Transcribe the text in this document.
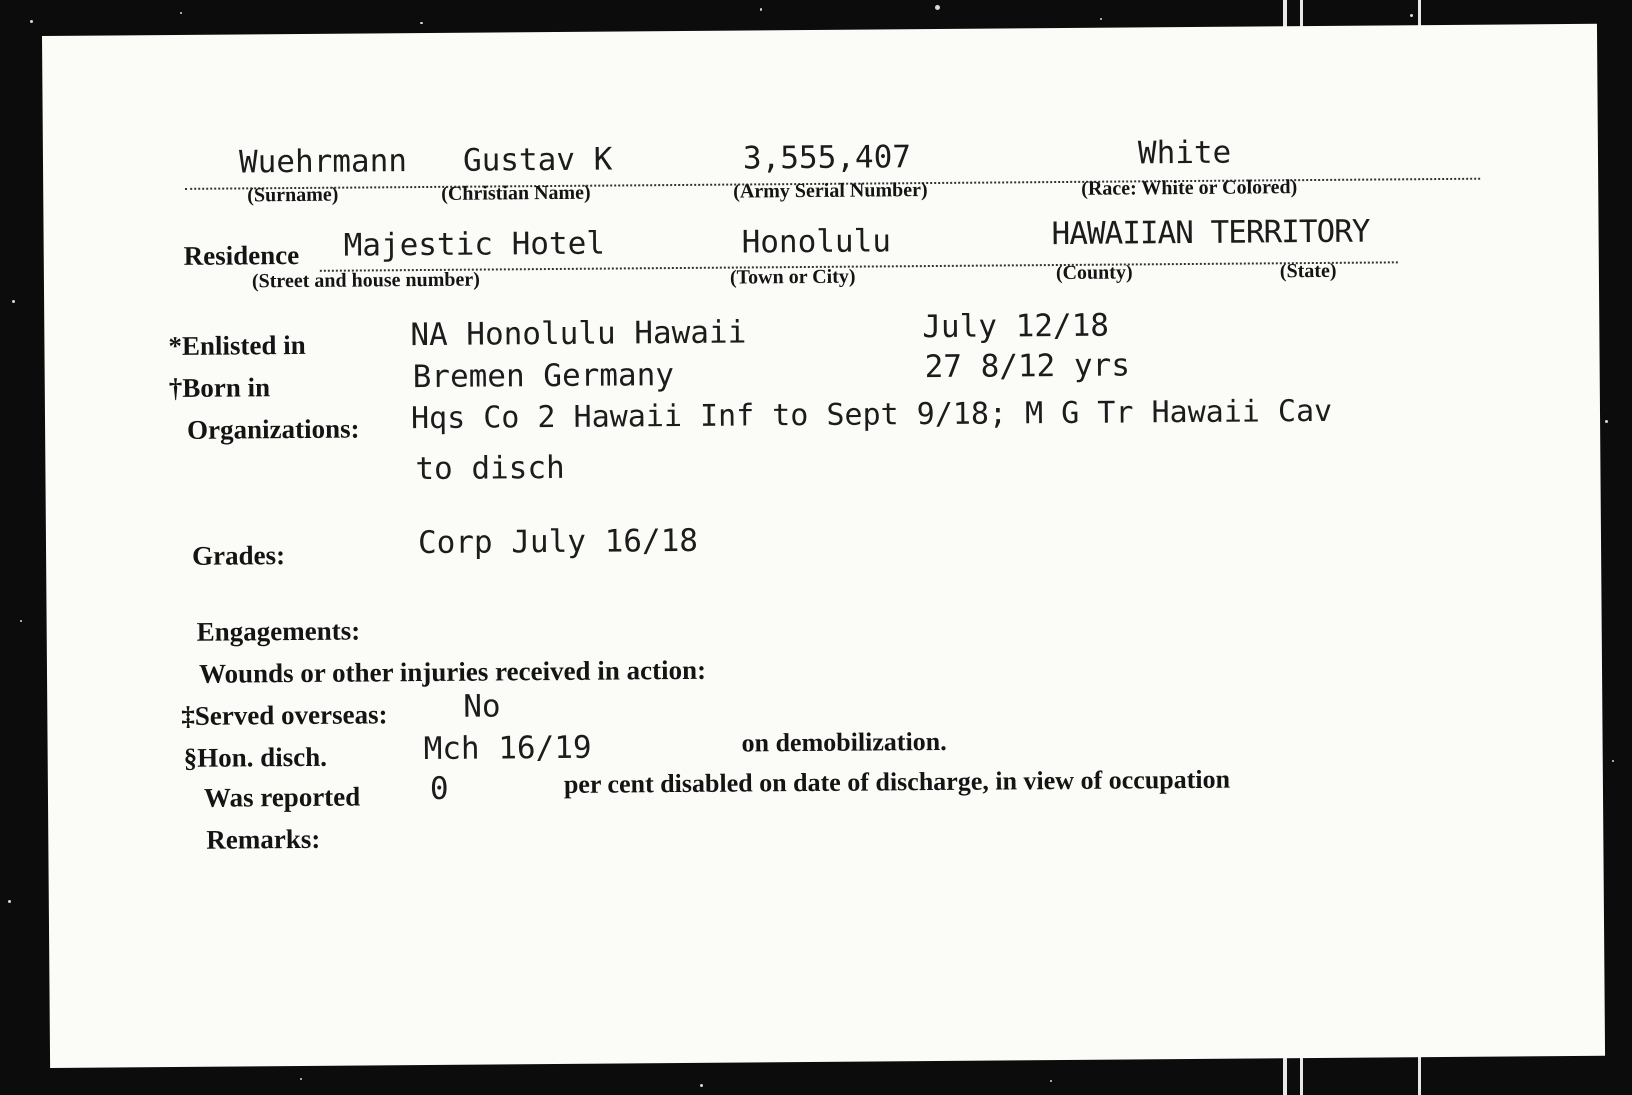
Wuehrmann Gustav K	3,555,407	White
(Surname)	(Christian Name)	(Army Serial Number)	(Race: White or Colored)
Residence Majestic Hotel	Honolulu	HAWAIIAN TERRITORY
(Street and house number)	(Town or City)	(County)	(State)
*Enlisted in	NA Honolulu Hawaii	July 12/18
†Born in	Bremen Germany	27 8/12 yrs
Organizations: Hqs Co 2 Hawaii Inf to Sept 9/18; M G Tr Hawaii Cav
to disch
Grades:	Corp July 16/18
Engagements:
Wounds or other injuries received in action:
‡Served overseas: No
§Hon. disch.	Mch 16/19	on demobilization.
Was reported 0	per cent disabled on date of discharge, in view of occupation
Remarks:
